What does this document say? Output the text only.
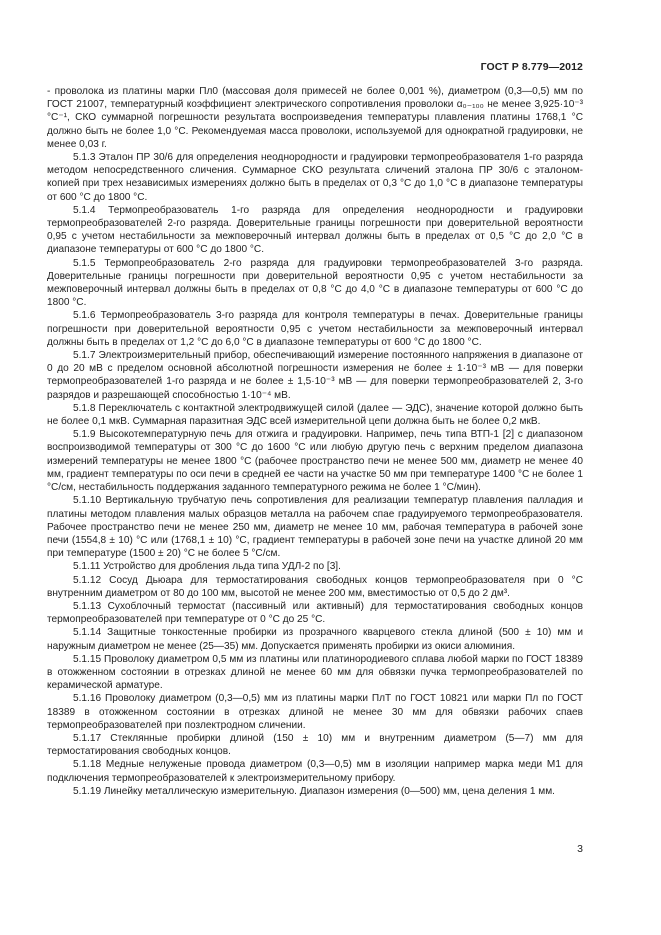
ГОСТ Р 8.779—2012

- проволока из платины марки Пл0 (массовая доля примесей не более 0,001 %), диаметром (0,3—0,5) мм по ГОСТ 21007, температурный коэффициент электрического сопротивления проволоки α₀₋₁₀₀ не менее 3,925·10⁻³ °С⁻¹, СКО суммарной погрешности результата воспроизведения температуры плавления платины 1768,1 °С должно быть не более 1,0 °С. Рекомендуемая масса проволоки, используемой для однократной градуировки, не менее 0,03 г.

5.1.3 Эталон ПР 30/6 для определения неоднородности и градуировки термопреобразователя 1-го разряда методом непосредственного сличения. Суммарное СКО результата сличений эталона ПР 30/6 с эталоном-копией при трех независимых измерениях должно быть в пределах от 0,3 °С до 1,0 °С в диапазоне температуры от 600 °С до 1800 °С.

5.1.4 Термопреобразователь 1-го разряда для определения неоднородности и градуировки термопреобразователей 2-го разряда. Доверительные границы погрешности при доверительной вероятности 0,95 с учетом нестабильности за межповерочный интервал должны быть в пределах от 0,5 °С до 2,0 °С в диапазоне температуры от 600 °С до 1800 °С.

5.1.5 Термопреобразователь 2-го разряда для градуировки термопреобразователей 3-го разряда. Доверительные границы погрешности при доверительной вероятности 0,95 с учетом нестабильности за межповерочный интервал должны быть в пределах от 0,8 °С до 4,0 °С в диапазоне температуры от 600 °С до 1800 °С.

5.1.6 Термопреобразователь 3-го разряда для контроля температуры в печах. Доверительные границы погрешности при доверительной вероятности 0,95 с учетом нестабильности за межповерочный интервал должны быть в пределах от 1,2 °С до 6,0 °С в диапазоне температуры от 600 °С до 1800 °С.

5.1.7 Электроизмерительный прибор, обеспечивающий измерение постоянного напряжения в диапазоне от 0 до 20 мВ с пределом основной абсолютной погрешности измерения не более ± 1·10⁻³ мВ — для поверки термопреобразователей 1-го разряда и не более ± 1,5·10⁻³ мВ — для поверки термопреобразователей 2, 3-го разрядов и разрешающей способностью 1·10⁻⁴ мВ.

5.1.8 Переключатель с контактной электродвижущей силой (далее — ЭДС), значение которой должно быть не более 0,1 мкВ. Суммарная паразитная ЭДС всей измерительной цепи должна быть не более 0,2 мкВ.

5.1.9 Высокотемпературную печь для отжига и градуировки. Например, печь типа ВТП-1 [2] с диапазоном воспроизводимой температуры от 300 °С до 1600 °С или любую другую печь с верхним пределом диапазона измерений температуры не менее 1800 °С (рабочее пространство печи не менее 500 мм, диаметр не менее 40 мм, градиент температуры по оси печи в средней ее части на участке 50 мм при температуре 1400 °С не более 1 °С/см, нестабильность поддержания заданного температурного режима не более 1 °С/мин).

5.1.10 Вертикальную трубчатую печь сопротивления для реализации температур плавления палладия и платины методом плавления малых образцов металла на рабочем спае градуируемого термопреобразователя. Рабочее пространство печи не менее 250 мм, диаметр не менее 10 мм, рабочая температура в рабочей зоне печи (1554,8 ± 10) °С или (1768,1 ± 10) °С, градиент температуры в рабочей зоне печи на участке длиной 20 мм при температуре (1500 ± 20) °С не более 5 °С/см.

5.1.11 Устройство для дробления льда типа УДЛ-2 по [3].

5.1.12 Сосуд Дьюара для термостатирования свободных концов термопреобразователя при 0 °С внутренним диаметром от 80 до 100 мм, высотой не менее 200 мм, вместимостью от 0,5 до 2 дм³.

5.1.13 Сухоблочный термостат (пассивный или активный) для термостатирования свободных концов термопреобразователей при температуре от 0 °С до 25 °С.

5.1.14 Защитные тонкостенные пробирки из прозрачного кварцевого стекла длиной (500 ± 10) мм и наружным диаметром не менее (25—35) мм. Допускается применять пробирки из окиси алюминия.

5.1.15 Проволоку диаметром 0,5 мм из платины или платинородиевого сплава любой марки по ГОСТ 18389 в отожженном состоянии в отрезках длиной не менее 60 мм для обвязки пучка термопреобразователей по керамической арматуре.

5.1.16 Проволоку диаметром (0,3—0,5) мм из платины марки ПлТ по ГОСТ 10821 или марки Пл по ГОСТ 18389 в отожженном состоянии в отрезках длиной не менее 30 мм для обвязки рабочих спаев термопреобразователей при позлектродном сличении.

5.1.17 Стеклянные пробирки длиной (150 ± 10) мм и внутренним диаметром (5—7) мм для термостатирования свободных концов.

5.1.18 Медные нелуженые провода диаметром (0,3—0,5) мм в изоляции например марка меди М1 для подключения термопреобразователей к электроизмерительному прибору.

5.1.19 Линейку металлическую измерительную. Диапазон измерения (0—500) мм, цена деления 1 мм.

3
